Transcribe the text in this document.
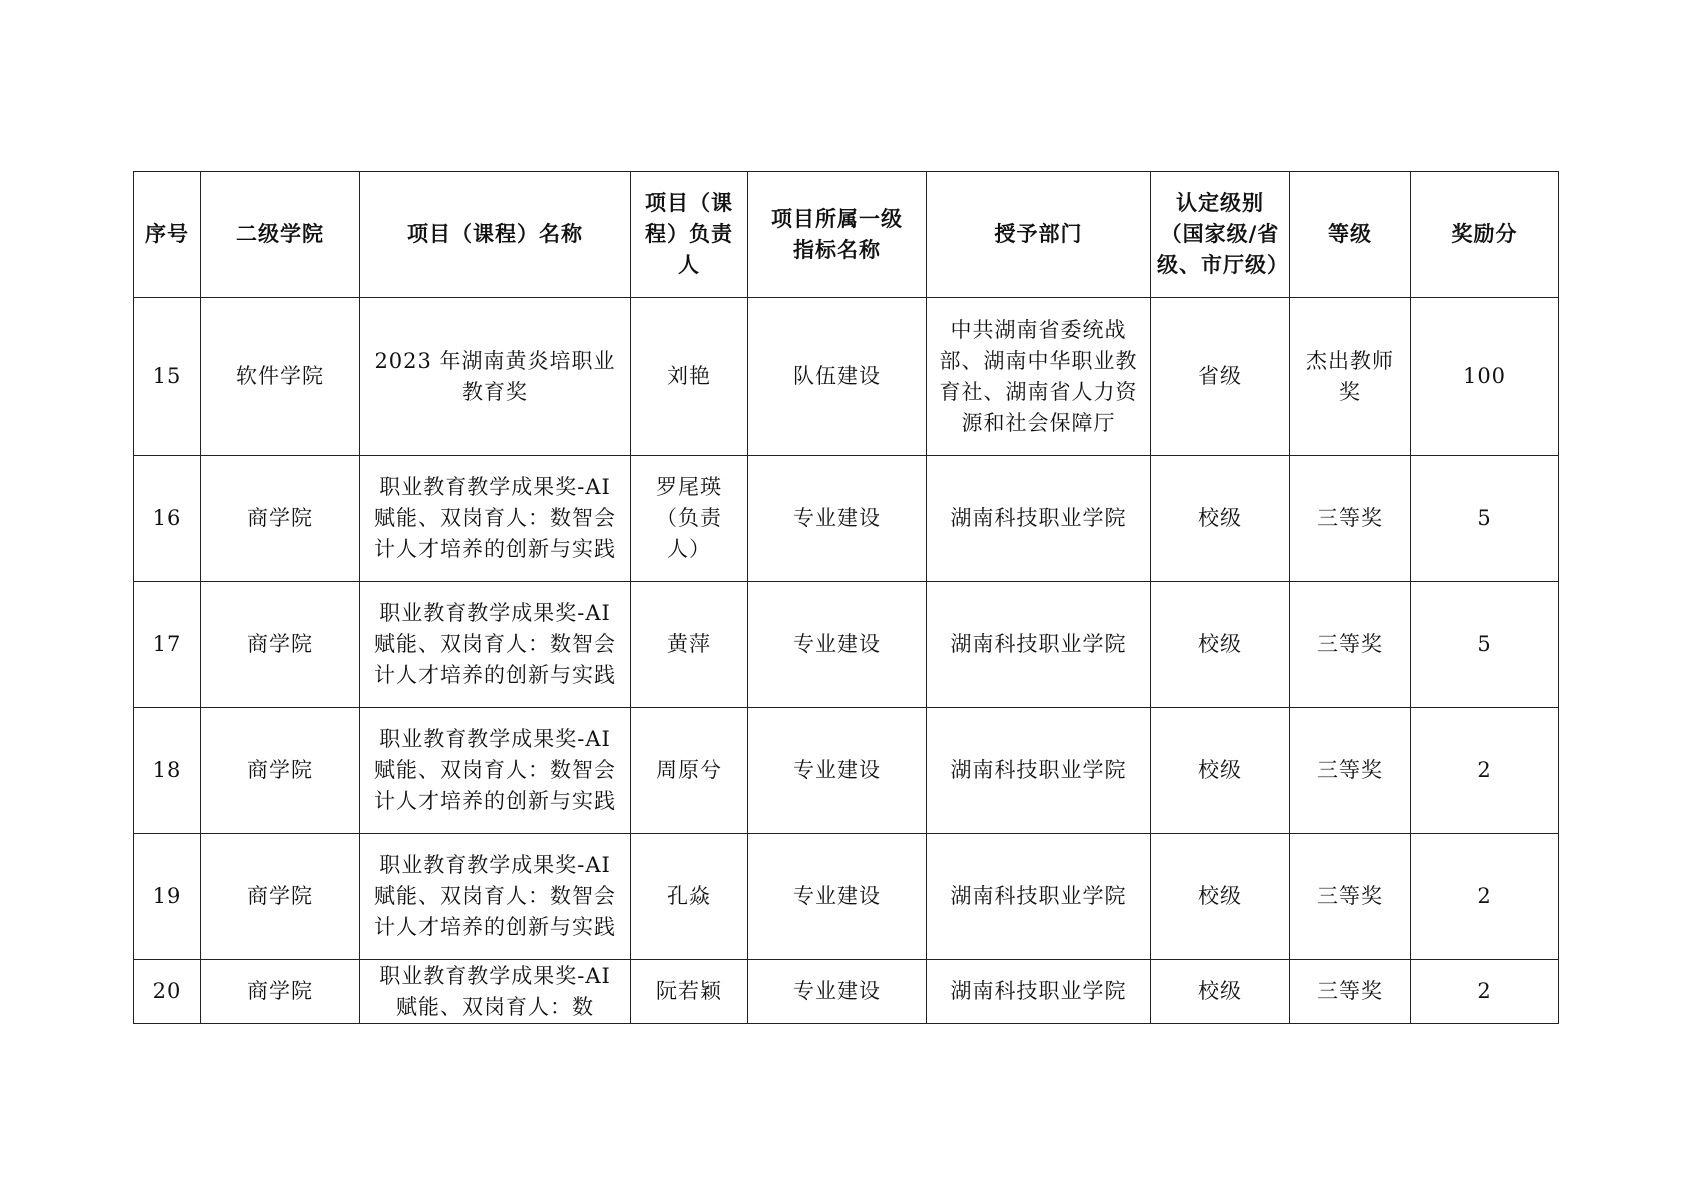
序号	二级学院	项目（课程）名称	项目（课程）负责人	项目所属一级指标名称	授予部门	认定级别（国家级/省级、市厅级）	等级	奖励分
15	软件学院	2023 年湖南黄炎培职业教育奖	刘艳	队伍建设	中共湖南省委统战部、湖南中华职业教育社、湖南省人力资源和社会保障厅	省级	杰出教师奖	100
16	商学院	职业教育教学成果奖-AI 赋能、双岗育人：数智会计人才培养的创新与实践	罗尾瑛（负责人）	专业建设	湖南科技职业学院	校级	三等奖	5
17	商学院	职业教育教学成果奖-AI 赋能、双岗育人：数智会计人才培养的创新与实践	黄萍	专业建设	湖南科技职业学院	校级	三等奖	5
18	商学院	职业教育教学成果奖-AI 赋能、双岗育人：数智会计人才培养的创新与实践	周原兮	专业建设	湖南科技职业学院	校级	三等奖	2
19	商学院	职业教育教学成果奖-AI 赋能、双岗育人：数智会计人才培养的创新与实践	孔焱	专业建设	湖南科技职业学院	校级	三等奖	2
20	商学院	职业教育教学成果奖-AI 赋能、双岗育人：数	阮若颖	专业建设	湖南科技职业学院	校级	三等奖	2
